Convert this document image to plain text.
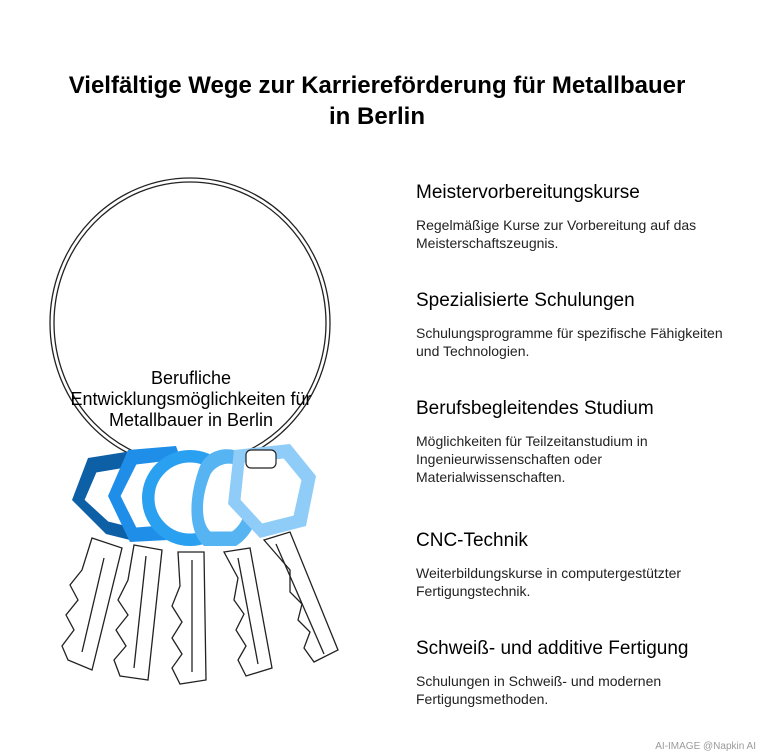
Vielfältige Wege zur Karriereförderung für Metallbauer in Berlin
Berufliche Entwicklungsmöglichkeiten für Metallbauer in Berlin
Meistervorbereitungskurse
Regelmäßige Kurse zur Vorbereitung auf das Meisterschaftszeugnis.
Spezialisierte Schulungen
Schulungsprogramme für spezifische Fähigkeiten und Technologien.
Berufsbegleitendes Studium
Möglichkeiten für Teilzeitanstudium in Ingenieurwissenschaften oder Materialwissenschaften.
CNC-Technik
Weiterbildungskurse in computergestützter Fertigungstechnik.
Schweiß- und additive Fertigung
Schulungen in Schweiß- und modernen Fertigungsmethoden.
AI-IMAGE @Napkin AI
